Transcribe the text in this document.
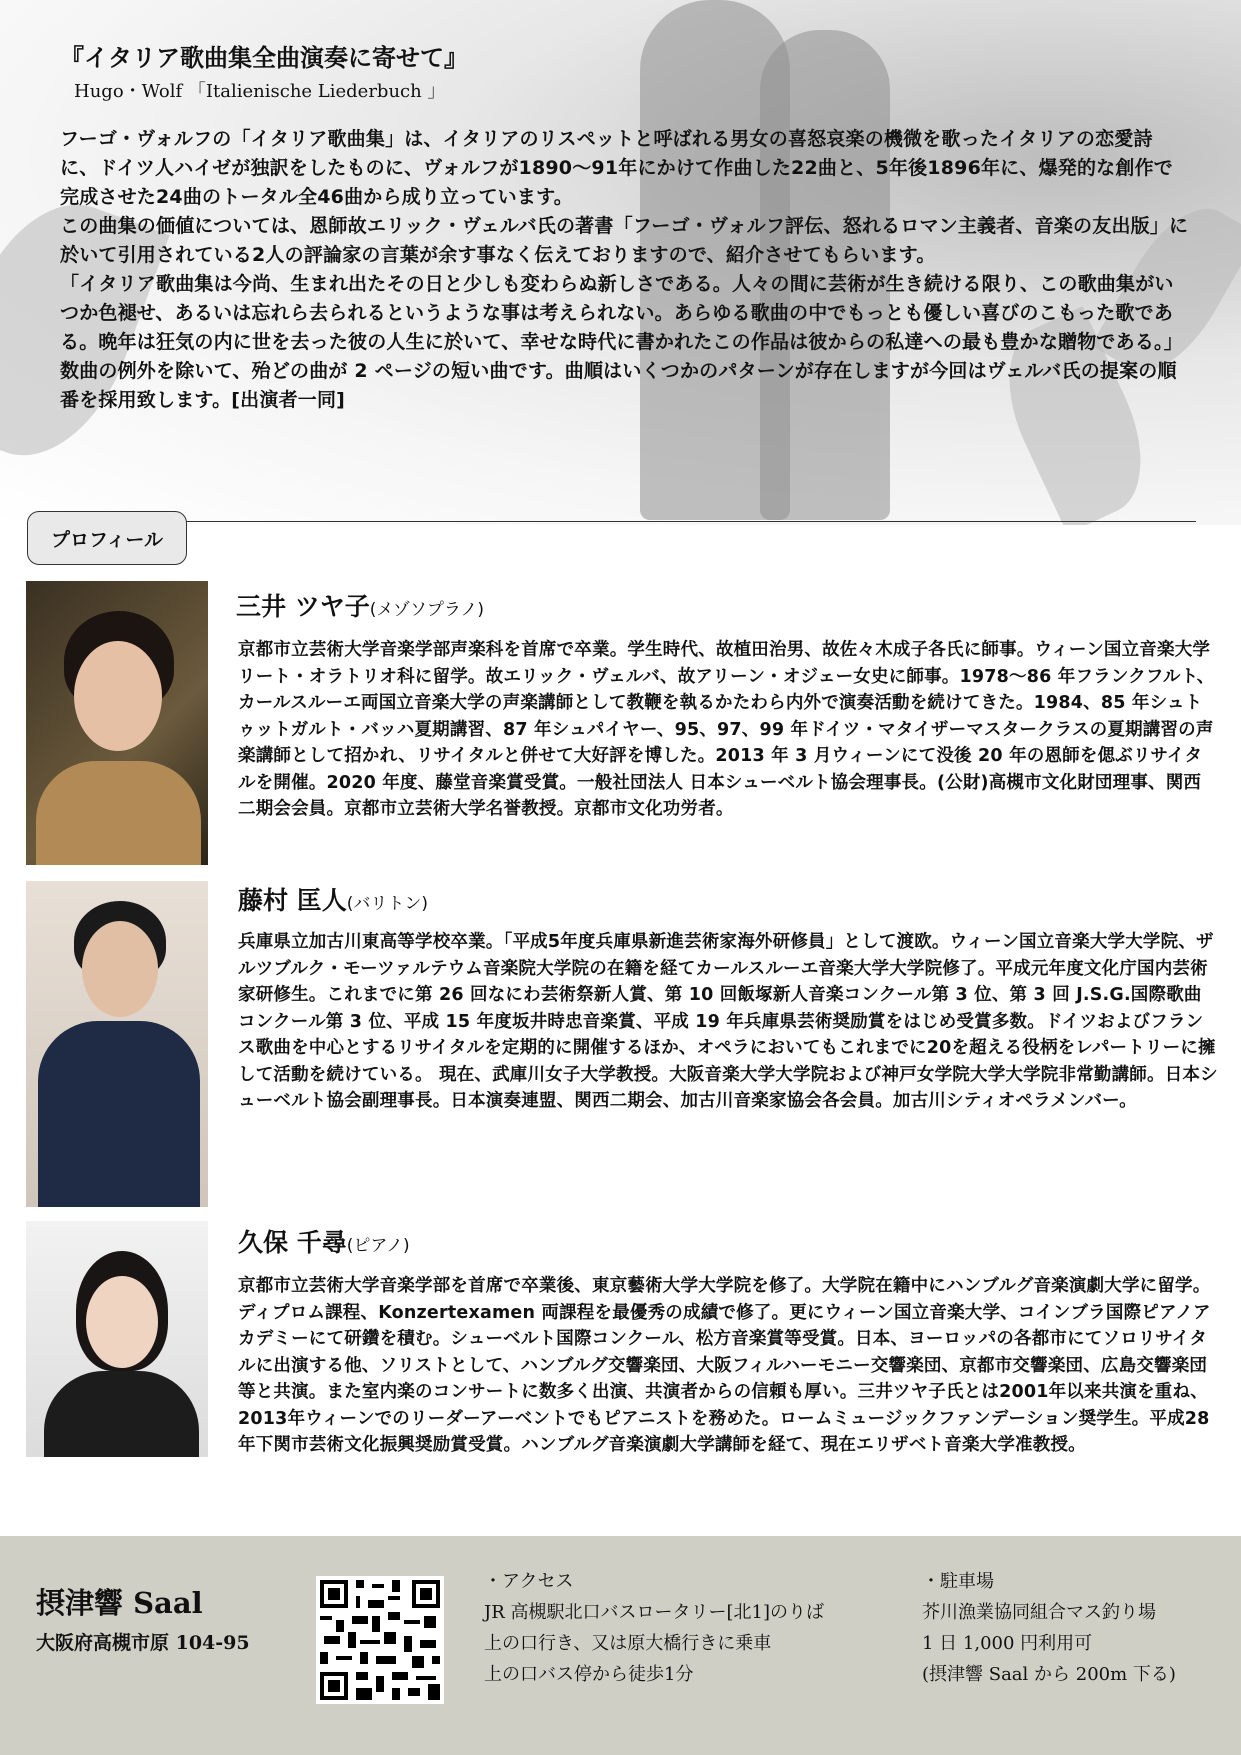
『イタリア歌曲集全曲演奏に寄せて』
Hugo・Wolf 「Italienische Liederbuch 」

フーゴ・ヴォルフの「イタリア歌曲集」は、イタリアのリスペットと呼ばれる男女の喜怒哀楽の機微を歌ったイタリアの恋愛詩に、ドイツ人ハイゼが独訳をしたものに、ヴォルフが1890～91年にかけて作曲した22曲と、5年後1896年に、爆発的な創作で完成させた24曲のトータル全46曲から成り立っています。

この曲集の価値については、恩師故エリック・ヴェルバ氏の著書「フーゴ・ヴォルフ評伝、怒れるロマン主義者、音楽の友出版」に於いて引用されている2人の評論家の言葉が余す事なく伝えておりますので、紹介させてもらいます。

「イタリア歌曲集は今尚、生まれ出たその日と少しも変わらぬ新しさである。人々の間に芸術が生き続ける限り、この歌曲集がいつか色褪せ、あるいは忘れら去られるというような事は考えられない。あらゆる歌曲の中でもっとも優しい喜びのこもった歌である。晩年は狂気の内に世を去った彼の人生に於いて、幸せな時代に書かれたこの作品は彼からの私達への最も豊かな贈物である。」

数曲の例外を除いて、殆どの曲が 2 ページの短い曲です。曲順はいくつかのパターンが存在しますが今回はヴェルバ氏の提案の順番を採用致します。[出演者一同]

プロフィール
三井 ツヤ子(メゾソプラノ)

京都市立芸術大学音楽学部声楽科を首席で卒業。学生時代、故植田治男、故佐々木成子各氏に師事。ウィーン国立音楽大学リート・オラトリオ科に留学。故エリック・ヴェルバ、故アリーン・オジェー女史に師事。1978～86 年フランクフルト、カールスルーエ両国立音楽大学の声楽講師として教鞭を執るかたわら内外で演奏活動を続けてきた。1984、85 年シュトゥットガルト・バッハ夏期講習、87 年シュパイヤー、95、97、99 年ドイツ・マタイザーマスタークラスの夏期講習の声楽講師として招かれ、リサイタルと併せて大好評を博した。2013 年 3 月ウィーンにて没後 20 年の恩師を偲ぶリサイタルを開催。2020 年度、藤堂音楽賞受賞。一般社団法人 日本シューベルト協会理事長。(公財)高槻市文化財団理事、関西二期会会員。京都市立芸術大学名誉教授。京都市文化功労者。

藤村 匡人(バリトン)

兵庫県立加古川東高等学校卒業。「平成5年度兵庫県新進芸術家海外研修員」として渡欧。ウィーン国立音楽大学大学院、ザルツブルク・モーツァルテウム音楽院大学院の在籍を経てカールスルーエ音楽大学大学院修了。平成元年度文化庁国内芸術家研修生。これまでに第 26 回なにわ芸術祭新人賞、第 10 回飯塚新人音楽コンクール第 3 位、第 3 回 J.S.G.国際歌曲コンクール第 3 位、平成 15 年度坂井時忠音楽賞、平成 19 年兵庫県芸術奨励賞をはじめ受賞多数。ドイツおよびフランス歌曲を中心とするリサイタルを定期的に開催するほか、オペラにおいてもこれまでに20を超える役柄をレパートリーに擁して活動を続けている。 現在、武庫川女子大学教授。大阪音楽大学大学院および神戸女学院大学大学院非常勤講師。日本シューベルト協会副理事長。日本演奏連盟、関西二期会、加古川音楽家協会各会員。加古川シティオペラメンバー。

久保 千尋(ピアノ)

京都市立芸術大学音楽学部を首席で卒業後、東京藝術大学大学院を修了。大学院在籍中にハンブルグ音楽演劇大学に留学。ディプロム課程、Konzertexamen 両課程を最優秀の成績で修了。更にウィーン国立音楽大学、コインブラ国際ピアノアカデミーにて研鑽を積む。シューベルト国際コンクール、松方音楽賞等受賞。日本、ヨーロッパの各都市にてソロリサイタルに出演する他、ソリストとして、ハンブルグ交響楽団、大阪フィルハーモニー交響楽団、京都市交響楽団、広島交響楽団等と共演。また室内楽のコンサートに数多く出演、共演者からの信頼も厚い。三井ツヤ子氏とは2001年以来共演を重ね、2013年ウィーンでのリーダーアーベントでもピアニストを務めた。ロームミュージックファンデーション奨学生。平成28年下関市芸術文化振興奨励賞受賞。ハンブルグ音楽演劇大学講師を経て、現在エリザベト音楽大学准教授。

摂津響 Saal
大阪府高槻市原 104-95
・アクセス
JR 高槻駅北口バスロータリー[北1]のりば
上の口行き、又は原大橋行きに乗車
上の口バス停から徒歩1分
・駐車場
芥川漁業協同組合マス釣り場
1 日 1,000 円利用可
(摂津響 Saal から 200m 下る)
